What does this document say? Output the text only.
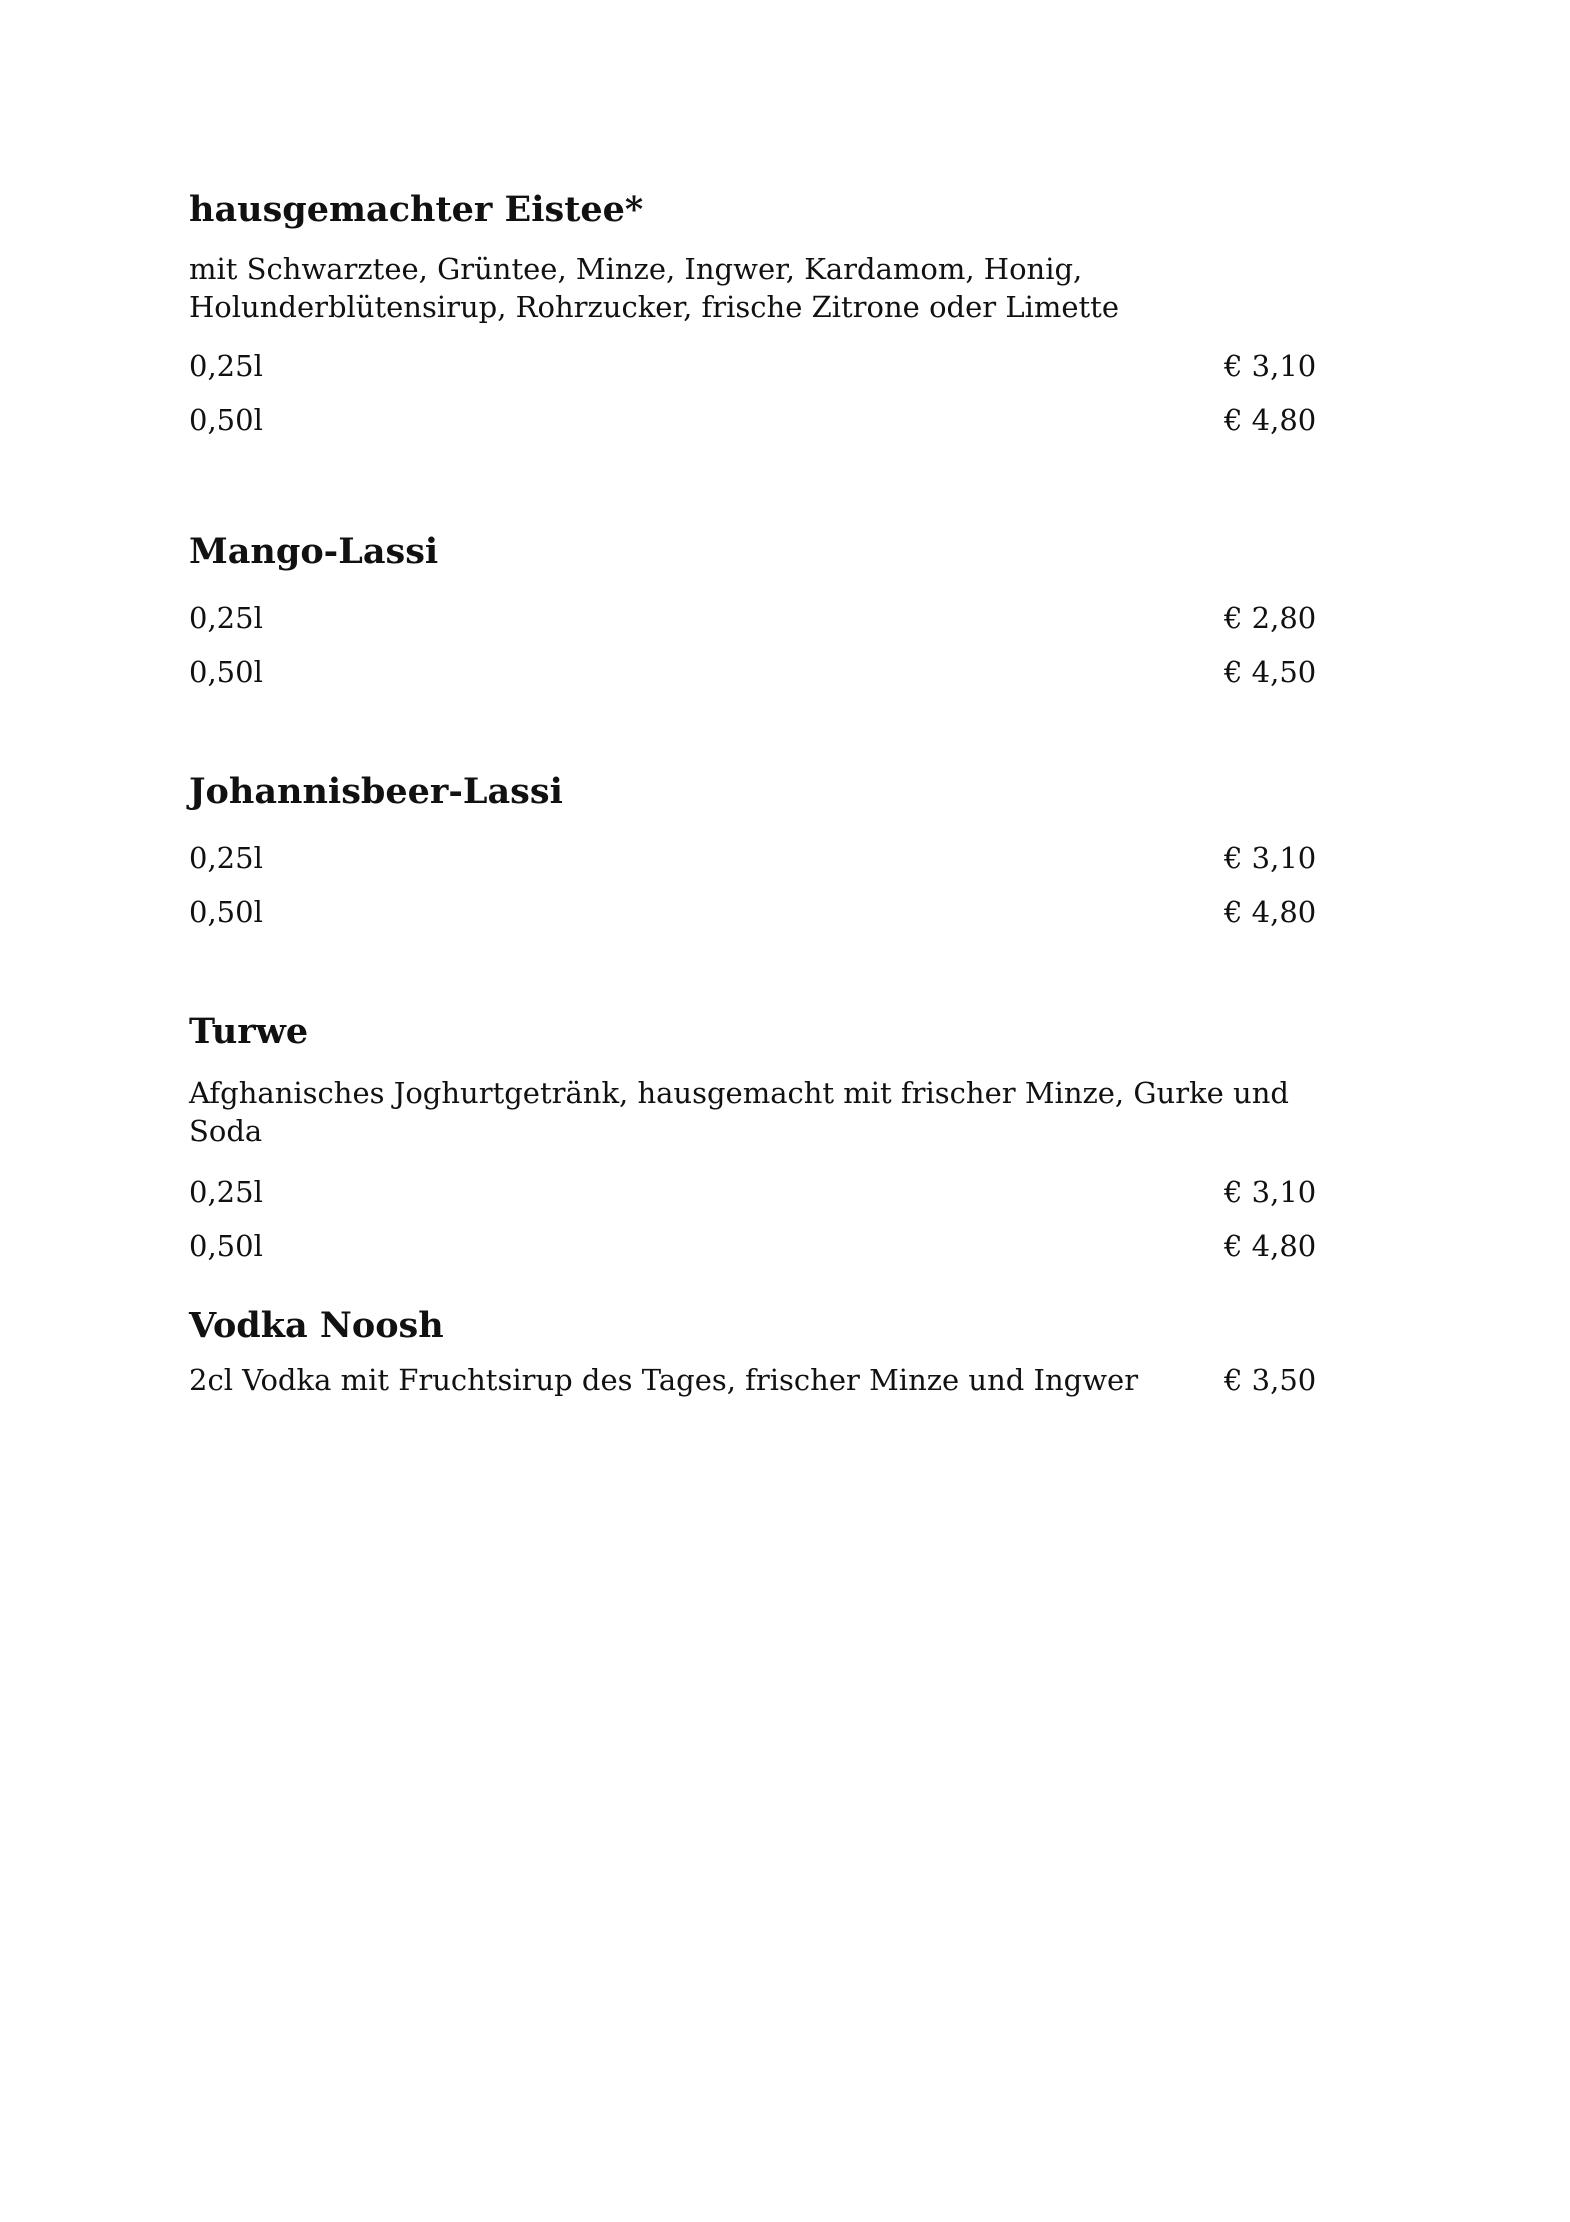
hausgemachter Eistee*

mit Schwarztee, Grüntee, Minze, Ingwer, Kardamom, Honig, Holunderblütensirup, Rohrzucker, frische Zitrone oder Limette

0,25l	€ 3,10
0,50l	€ 4,80
Mango-Lassi
0,25l	€ 2,80
0,50l	€ 4,50
Johannisbeer-Lassi
0,25l	€ 3,10
0,50l	€ 4,80
Turwe

Afghanisches Joghurtgetränk, hausgemacht mit frischer Minze, Gurke und Soda

0,25l	€ 3,10
0,50l	€ 4,80
Vodka Noosh
2cl Vodka mit Fruchtsirup des Tages, frischer Minze und Ingwer	€ 3,50
